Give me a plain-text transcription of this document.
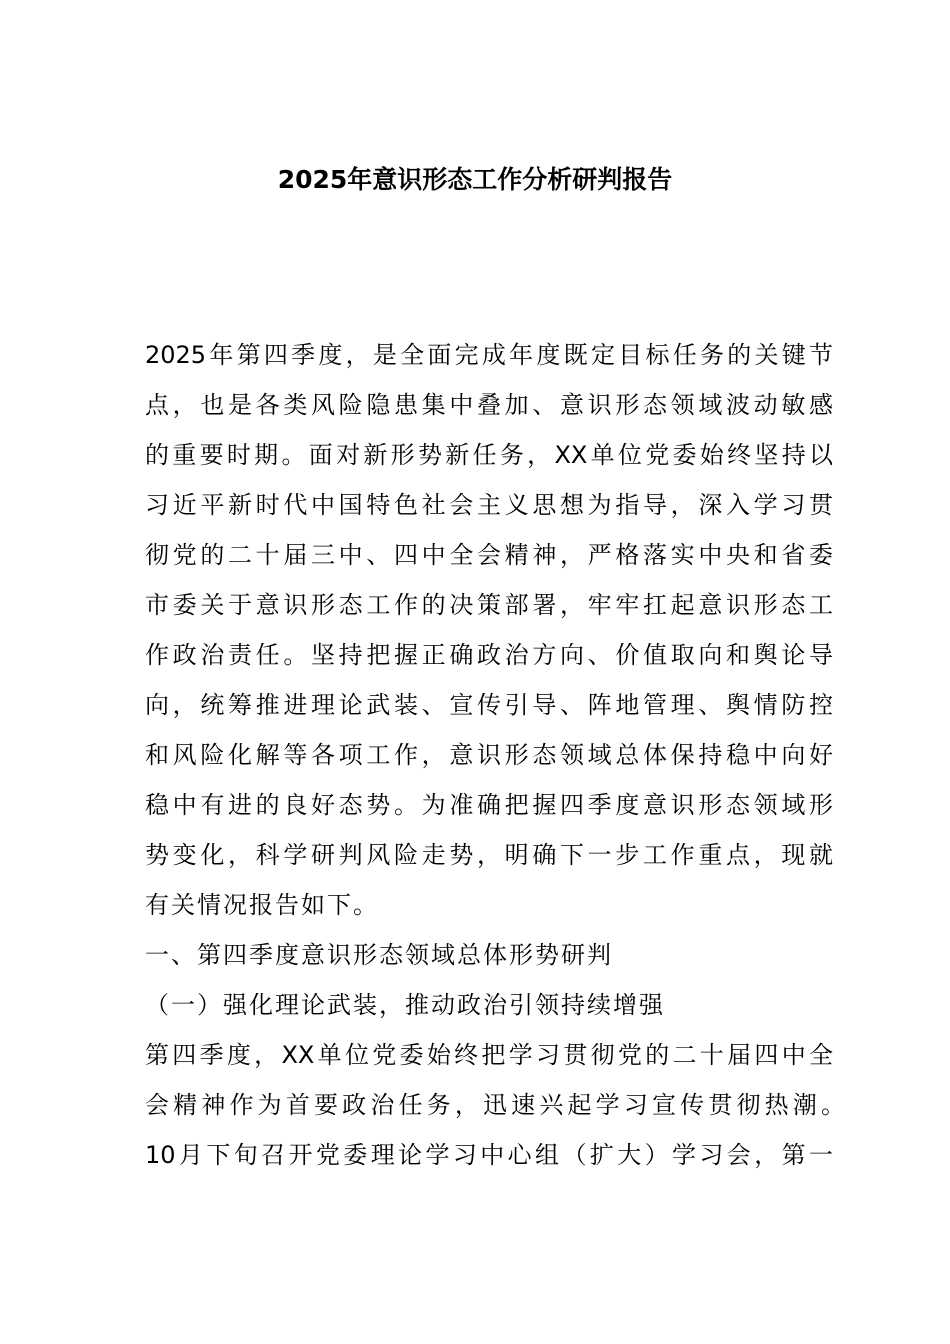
2025年意识形态工作分析研判报告
2025年第四季度，是全面完成年度既定目标任务的关键节
点，也是各类风险隐患集中叠加、意识形态领域波动敏感
的重要时期。面对新形势新任务，XX单位党委始终坚持以
习近平新时代中国特色社会主义思想为指导，深入学习贯
彻党的二十届三中、四中全会精神，严格落实中央和省委
市委关于意识形态工作的决策部署，牢牢扛起意识形态工
作政治责任。坚持把握正确政治方向、价值取向和舆论导
向，统筹推进理论武装、宣传引导、阵地管理、舆情防控
和风险化解等各项工作，意识形态领域总体保持稳中向好
稳中有进的良好态势。为准确把握四季度意识形态领域形
势变化，科学研判风险走势，明确下一步工作重点，现就
有关情况报告如下。
一、第四季度意识形态领域总体形势研判
（一）强化理论武装，推动政治引领持续增强
第四季度，XX单位党委始终把学习贯彻党的二十届四中全
会精神作为首要政治任务，迅速兴起学习宣传贯彻热潮。
10月下旬召开党委理论学习中心组（扩大）学习会，第一
